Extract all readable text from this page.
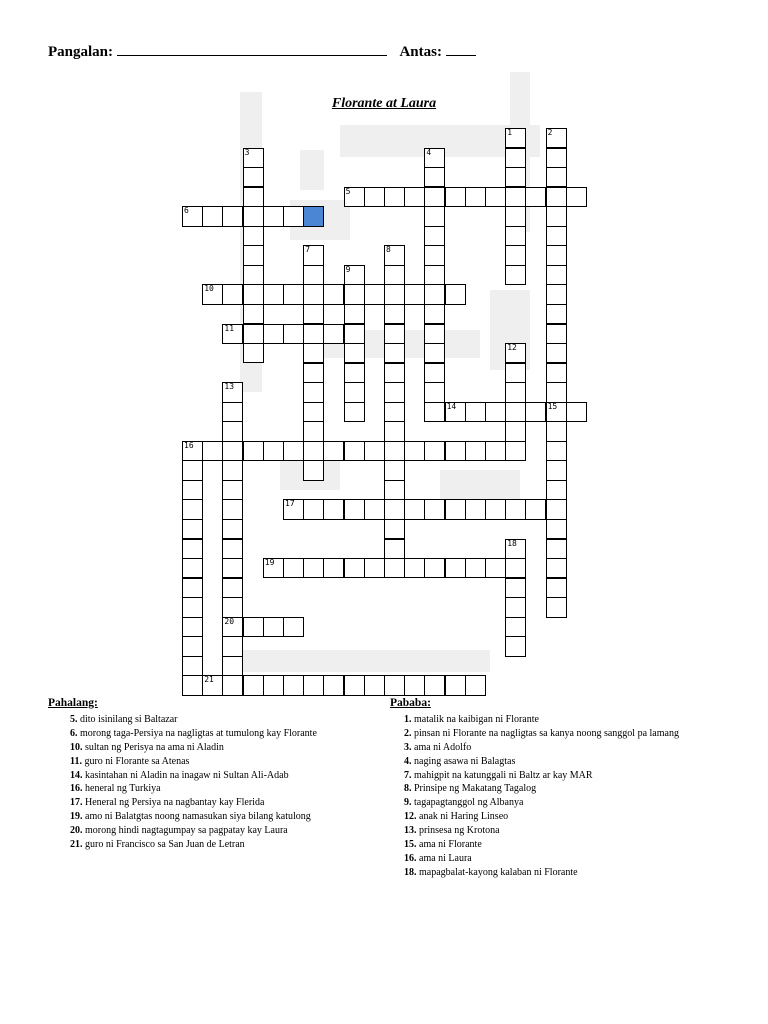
Pangalan:	Antas:
Florante at Laura
1	2
3	4
5
6
7	8
9
10
11
12
13
14	15
16
17
18
19
20
21
Pahalang:
5. dito isinilang si Baltazar
6. morong taga-Persiya na nagligtas at tumulong kay Florante
10. sultan ng Perisya na ama ni Aladin
11. guro ni Florante sa Atenas
14. kasintahan ni Aladin na inagaw ni Sultan Ali-Adab
16. heneral ng Turkiya
17. Heneral ng Persiya na nagbantay kay Flerida
19. amo ni Balatgtas noong namasukan siya bilang katulong
20. morong hindi nagtagumpay sa pagpatay kay Laura
21. guro ni Francisco sa San Juan de Letran
Pababa:
1. matalik na kaibigan ni Florante
2. pinsan ni Florante na nagligtas sa kanya noong sanggol pa lamang
3. ama ni Adolfo
4. naging asawa ni Balagtas
7. mahigpit na katunggali ni Baltz ar kay MAR
8. Prinsipe ng Makatang Tagalog
9. tagapagtanggol ng Albanya
12. anak ni Haring Linseo
13. prinsesa ng Krotona
15. ama ni Florante
16. ama ni Laura
18. mapagbalat-kayong kalaban ni Florante
